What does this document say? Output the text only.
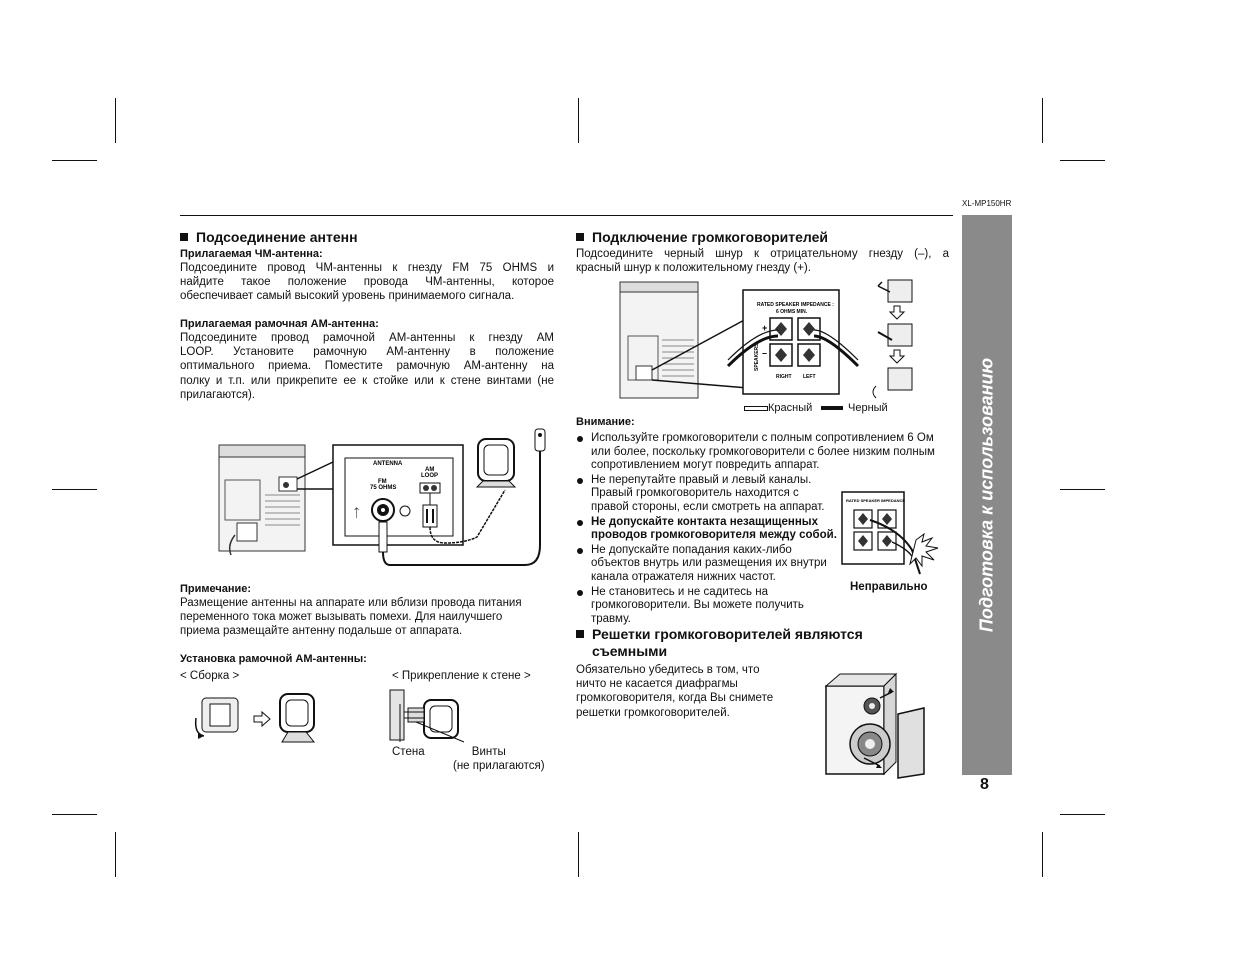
XL-MP150HR
Подготовка к использованию
8
Подсоединение антенн
Прилагаемая ЧМ-антенна:
Подсоедините провод ЧМ-антенны к гнезду FM 75 OHMS и
найдите такое положение провода ЧМ-антенны, которое
обеспечивает самый высокий уровень принимаемого сигнала.
Прилагаемая рамочная АМ-антенна:
Подсоедините провод рамочной АМ-антенны к гнезду AM
LOOP. Установите рамочную АМ-антенну в положение
оптимального приема. Поместите рамочную АМ-антенну на
полку и т.п. или прикрепите ее к стойке или к стене винтами (не
прилагаются).
ANTENNA
AM
LOOP
FM
75 OHMS
ᛏ
Примечание:
Размещение антенны на аппарате или вблизи провода питания
переменного тока может вызывать помехи. Для наилучшего
приема размещайте антенну подальше от аппарата.
Установка рамочной АМ-антенны:
< Сборка >	< Прикрепление к стене >
Стена	Винты
(не прилагаются)
Подключение громкоговорителей
Подсоедините черный шнур к отрицательному гнезду (–), а
красный шнур к положительному гнезду (+).
RATED SPEAKER IMPEDANCE :
6 OHMS MIN.
SPEAKERS
+
–
RIGHT LEFT
Красный	Черный
Внимание:
Используйте громкоговорители с полным сопротивлением 6 Ом
или более, поскольку громкоговорители с более низким полным
сопротивлением могут повредить аппарат.
Не перепутайте правый и левый каналы.
Правый громкоговоритель находится с
правой стороны, если смотреть на аппарат.
Не допускайте контакта незащищенных
проводов громкоговорителя между собой.
Не допускайте попадания каких-либо
объектов внутрь или размещения их внутри
канала отражателя нижних частот.
Не становитесь и не садитесь на
громкоговорители. Вы можете получить
травму.
RATED SPEAKER IMPEDANCE
Неправильно
Решетки громкоговорителей являются
съемными
Обязательно убедитесь в том, что
ничто не касается диафрагмы
громкоговорителя, когда Вы снимете
решетки громкоговорителей.
